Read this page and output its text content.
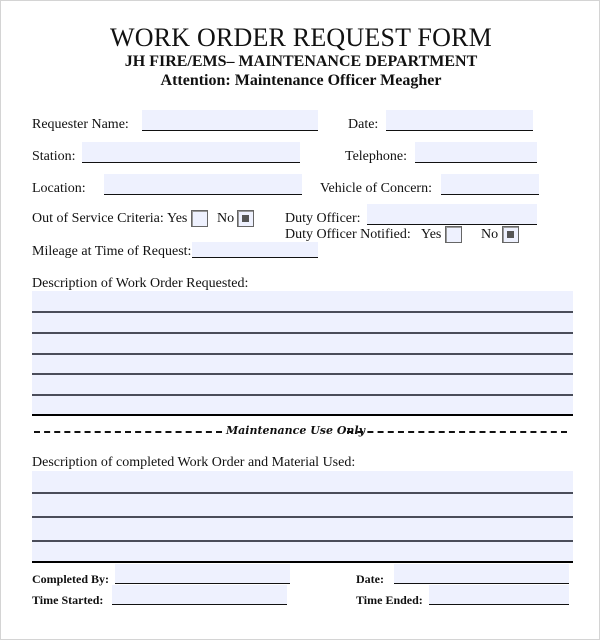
WORK ORDER REQUEST FORM
JH FIRE/EMS– MAINTENANCE DEPARTMENT
Attention: Maintenance Officer Meagher
Requester Name:	Date:
Station:	Telephone:
Location:	Vehicle of Concern:
Out of Service Criteria: Yes No	Duty Officer:
Duty Officer Notified: Yes	No
Mileage at Time of Request:
Description of Work Order Requested:
Maintenance Use Only
Description of completed Work Order and Material Used:
Completed By:	Date:
Time Started:	Time Ended:
